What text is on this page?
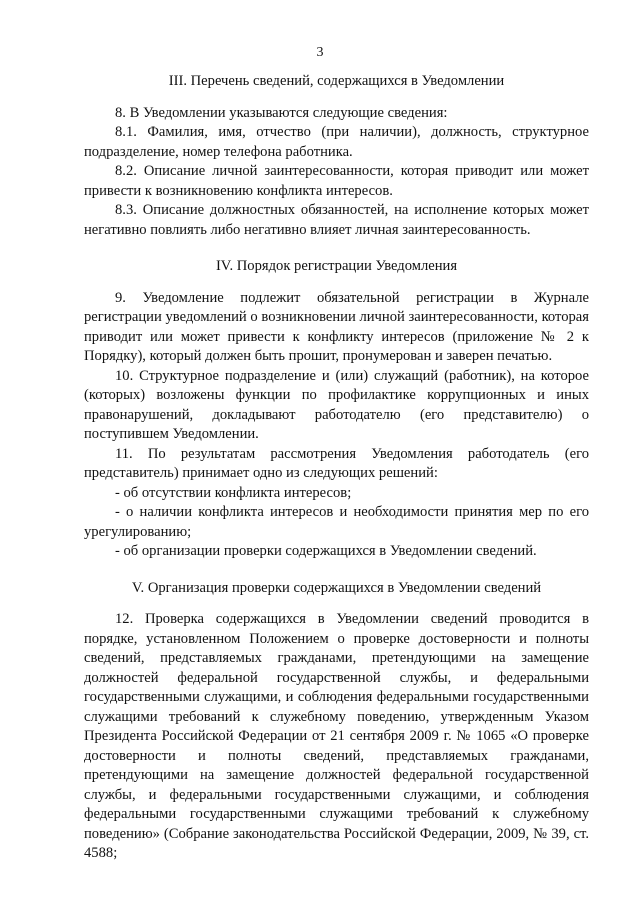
3
III. Перечень сведений, содержащихся в Уведомлении

8. В Уведомлении указываются следующие сведения:

8.1. Фамилия, имя, отчество (при наличии), должность, структурное подразделение, номер телефона работника.

8.2. Описание личной заинтересованности, которая приводит или может привести к возникновению конфликта интересов.

8.3. Описание должностных обязанностей, на исполнение которых может негативно повлиять либо негативно влияет личная заинтересованность.

IV. Порядок регистрации Уведомления

9. Уведомление подлежит обязательной регистрации в Журнале регистрации уведомлений о возникновении личной заинтересованности, которая приводит или может привести к конфликту интересов (приложение № 2 к Порядку), который должен быть прошит, пронумерован и заверен печатью.

10. Структурное подразделение и (или) служащий (работник), на которое (которых) возложены функции по профилактике коррупционных и иных правонарушений, докладывают работодателю (его представителю) о поступившем Уведомлении.

11. По результатам рассмотрения Уведомления работодатель (его представитель) принимает одно из следующих решений:

- об отсутствии конфликта интересов;

- о наличии конфликта интересов и необходимости принятия мер по его урегулированию;

- об организации проверки содержащихся в Уведомлении сведений.

V. Организация проверки содержащихся в Уведомлении сведений

12. Проверка содержащихся в Уведомлении сведений проводится в порядке, установленном Положением о проверке достоверности и полноты сведений, представляемых гражданами, претендующими на замещение должностей федеральной государственной службы, и федеральными государственными служащими, и соблюдения федеральными государственными служащими требований к служебному поведению, утвержденным Указом Президента Российской Федерации от 21 сентября 2009 г. № 1065 «О проверке достоверности и полноты сведений, представляемых гражданами, претендующими на замещение должностей федеральной государственной службы, и федеральными государственными служащими, и соблюдения федеральными государственными служащими требований к служебному поведению» (Собрание законодательства Российской Федерации, 2009, № 39, ст. 4588;
